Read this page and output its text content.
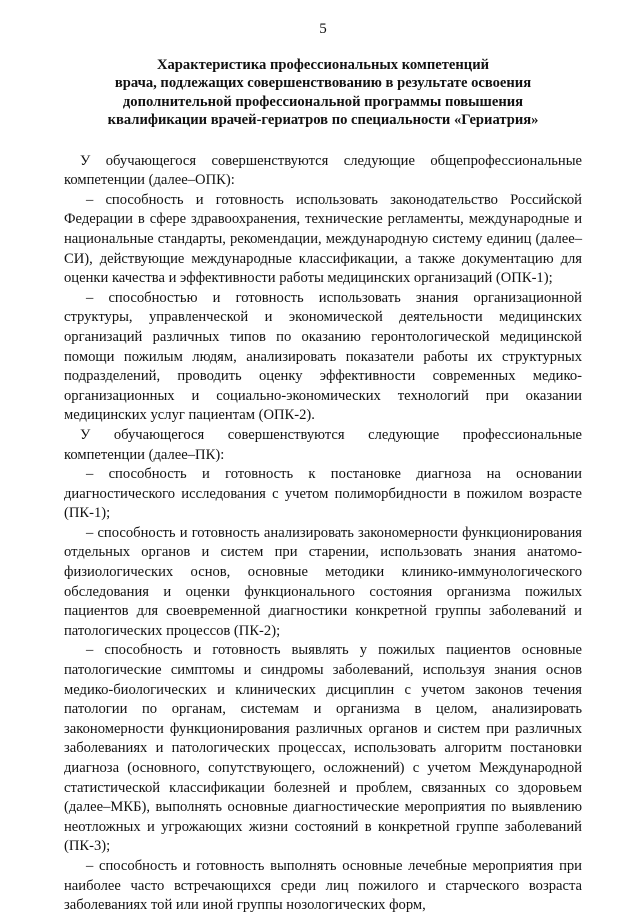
5
Характеристика профессиональных компетенций
врача, подлежащих совершенствованию в результате освоения
дополнительной профессиональной программы повышения
квалификации врачей-гериатров по специальности «Гериатрия»

У обучающегося совершенствуются следующие общепрофессиональные компетенции (далее–ОПК):

– способность и готовность использовать законодательство Российской Федерации в сфере здравоохранения, технические регламенты, международные и национальные стандарты, рекомендации, международную систему единиц (далее–СИ), действующие международные классификации, а также документацию для оценки качества и эффективности работы медицинских организаций (ОПК-1);

– способностью и готовность использовать знания организационной структуры, управленческой и экономической деятельности медицинских организаций различных типов по оказанию геронтологической медицинской помощи пожилым людям, анализировать показатели работы их структурных подразделений, проводить оценку эффективности современных медико-организационных и социально-экономических технологий при оказании медицинских услуг пациентам (ОПК-2).

У обучающегося совершенствуются следующие профессиональные компетенции (далее–ПК):

– способность и готовность к постановке диагноза на основании диагностического исследования с учетом полиморбидности в пожилом возрасте (ПК-1);

– способность и готовность анализировать закономерности функционирования отдельных органов и систем при старении, использовать знания анатомо-физиологических основ, основные методики клинико-иммунологического обследования и оценки функционального состояния организма пожилых пациентов для своевременной диагностики конкретной группы заболеваний и патологических процессов (ПК-2);

– способность и готовность выявлять у пожилых пациентов основные патологические симптомы и синдромы заболеваний, используя знания основ медико-биологических и клинических дисциплин с учетом законов течения патологии по органам, системам и организма в целом, анализировать закономерности функционирования различных органов и систем при различных заболеваниях и патологических процессах, использовать алгоритм постановки диагноза (основного, сопутствующего, осложнений) с учетом Международной статистической классификации болезней и проблем, связанных со здоровьем (далее–МКБ), выполнять основные диагностические мероприятия по выявлению неотложных и угрожающих жизни состояний в конкретной группе заболеваний (ПК-3);

– способность и готовность выполнять основные лечебные мероприятия при наиболее часто встречающихся среди лиц пожилого и старческого возраста заболеваниях той или иной группы нозологических форм,
